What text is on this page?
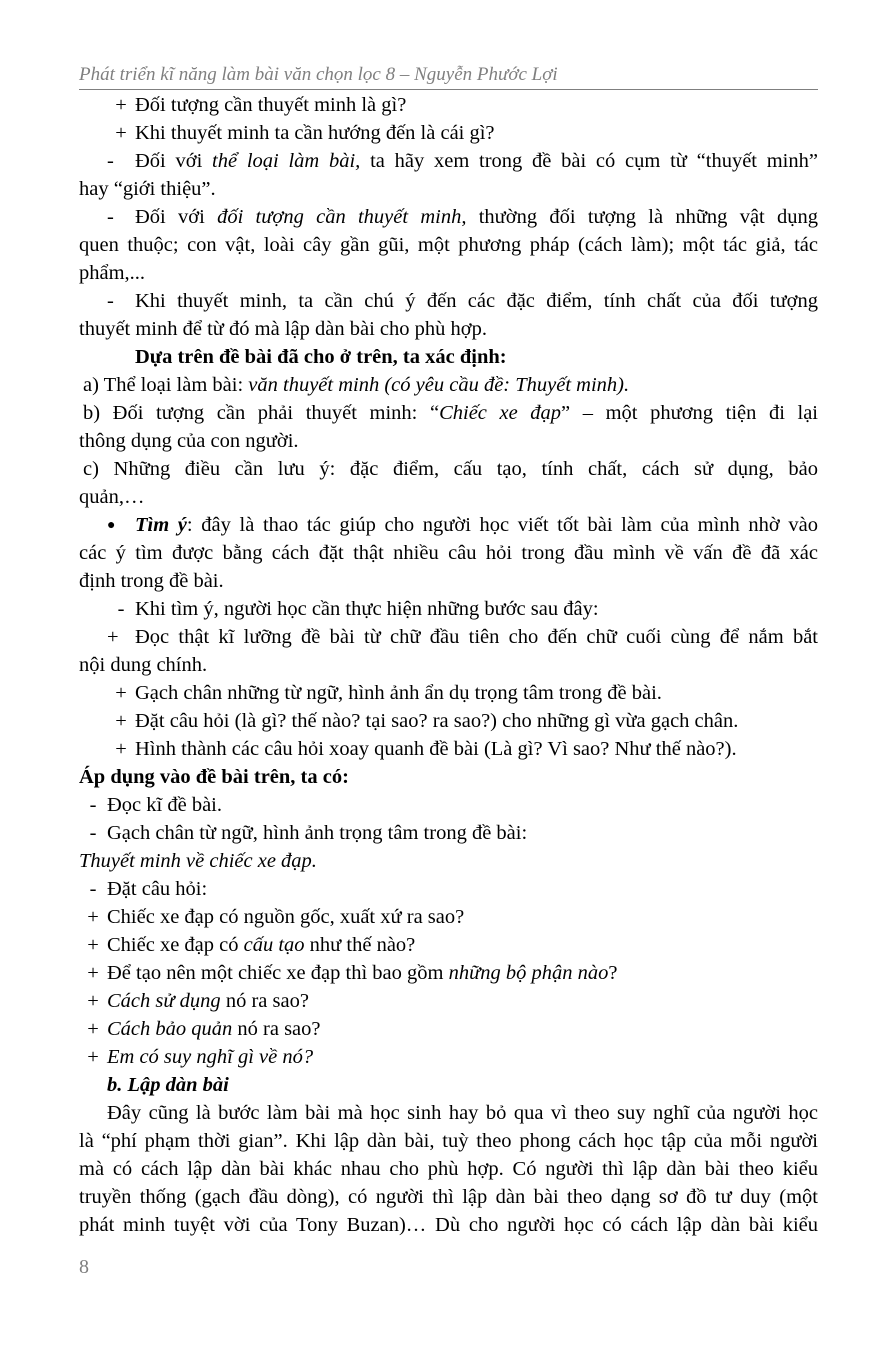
Phát triển kĩ năng làm bài văn chọn lọc 8 – Nguyễn Phước Lợi
+ Đối tượng cần thuyết minh là gì?
+ Khi thuyết minh ta cần hướng đến là cái gì?
- Đối với thể loại làm bài, ta hãy xem trong đề bài có cụm từ “thuyết minh”
hay “giới thiệu”.
- Đối với đối tượng cần thuyết minh, thường đối tượng là những vật dụng
quen thuộc; con vật, loài cây gần gũi, một phương pháp (cách làm); một tác giả, tác
phẩm,...
- Khi thuyết minh, ta cần chú ý đến các đặc điểm, tính chất của đối tượng
thuyết minh để từ đó mà lập dàn bài cho phù hợp.
Dựa trên đề bài đã cho ở trên, ta xác định:
a) Thể loại làm bài: văn thuyết minh (có yêu cầu đề: Thuyết minh).
b) Đối tượng cần phải thuyết minh: “Chiếc xe đạp” – một phương tiện đi lại
thông dụng của con người.
c) Những điều cần lưu ý: đặc điểm, cấu tạo, tính chất, cách sử dụng, bảo
quản,…
● Tìm ý: đây là thao tác giúp cho người học viết tốt bài làm của mình nhờ vào
các ý tìm được bằng cách đặt thật nhiều câu hỏi trong đầu mình về vấn đề đã xác
định trong đề bài.
- Khi tìm ý, người học cần thực hiện những bước sau đây:
+ Đọc thật kĩ lưỡng đề bài từ chữ đầu tiên cho đến chữ cuối cùng để nắm bắt
nội dung chính.
+ Gạch chân những từ ngữ, hình ảnh ẩn dụ trọng tâm trong đề bài.
+ Đặt câu hỏi (là gì? thế nào? tại sao? ra sao?) cho những gì vừa gạch chân.
+ Hình thành các câu hỏi xoay quanh đề bài (Là gì? Vì sao? Như thế nào?).
Áp dụng vào đề bài trên, ta có:
- Đọc kĩ đề bài.
- Gạch chân từ ngữ, hình ảnh trọng tâm trong đề bài:
Thuyết minh về chiếc xe đạp.
- Đặt câu hỏi:
+ Chiếc xe đạp có nguồn gốc, xuất xứ ra sao?
+ Chiếc xe đạp có cấu tạo như thế nào?
+ Để tạo nên một chiếc xe đạp thì bao gồm những bộ phận nào?
+ Cách sử dụng nó ra sao?
+ Cách bảo quản nó ra sao?
+ Em có suy nghĩ gì về nó?
b. Lập dàn bài
Đây cũng là bước làm bài mà học sinh hay bỏ qua vì theo suy nghĩ của người học
là “phí phạm thời gian”. Khi lập dàn bài, tuỳ theo phong cách học tập của mỗi người
mà có cách lập dàn bài khác nhau cho phù hợp. Có người thì lập dàn bài theo kiểu
truyền thống (gạch đầu dòng), có người thì lập dàn bài theo dạng sơ đồ tư duy (một
phát minh tuyệt vời của Tony Buzan)… Dù cho người học có cách lập dàn bài kiểu
8
